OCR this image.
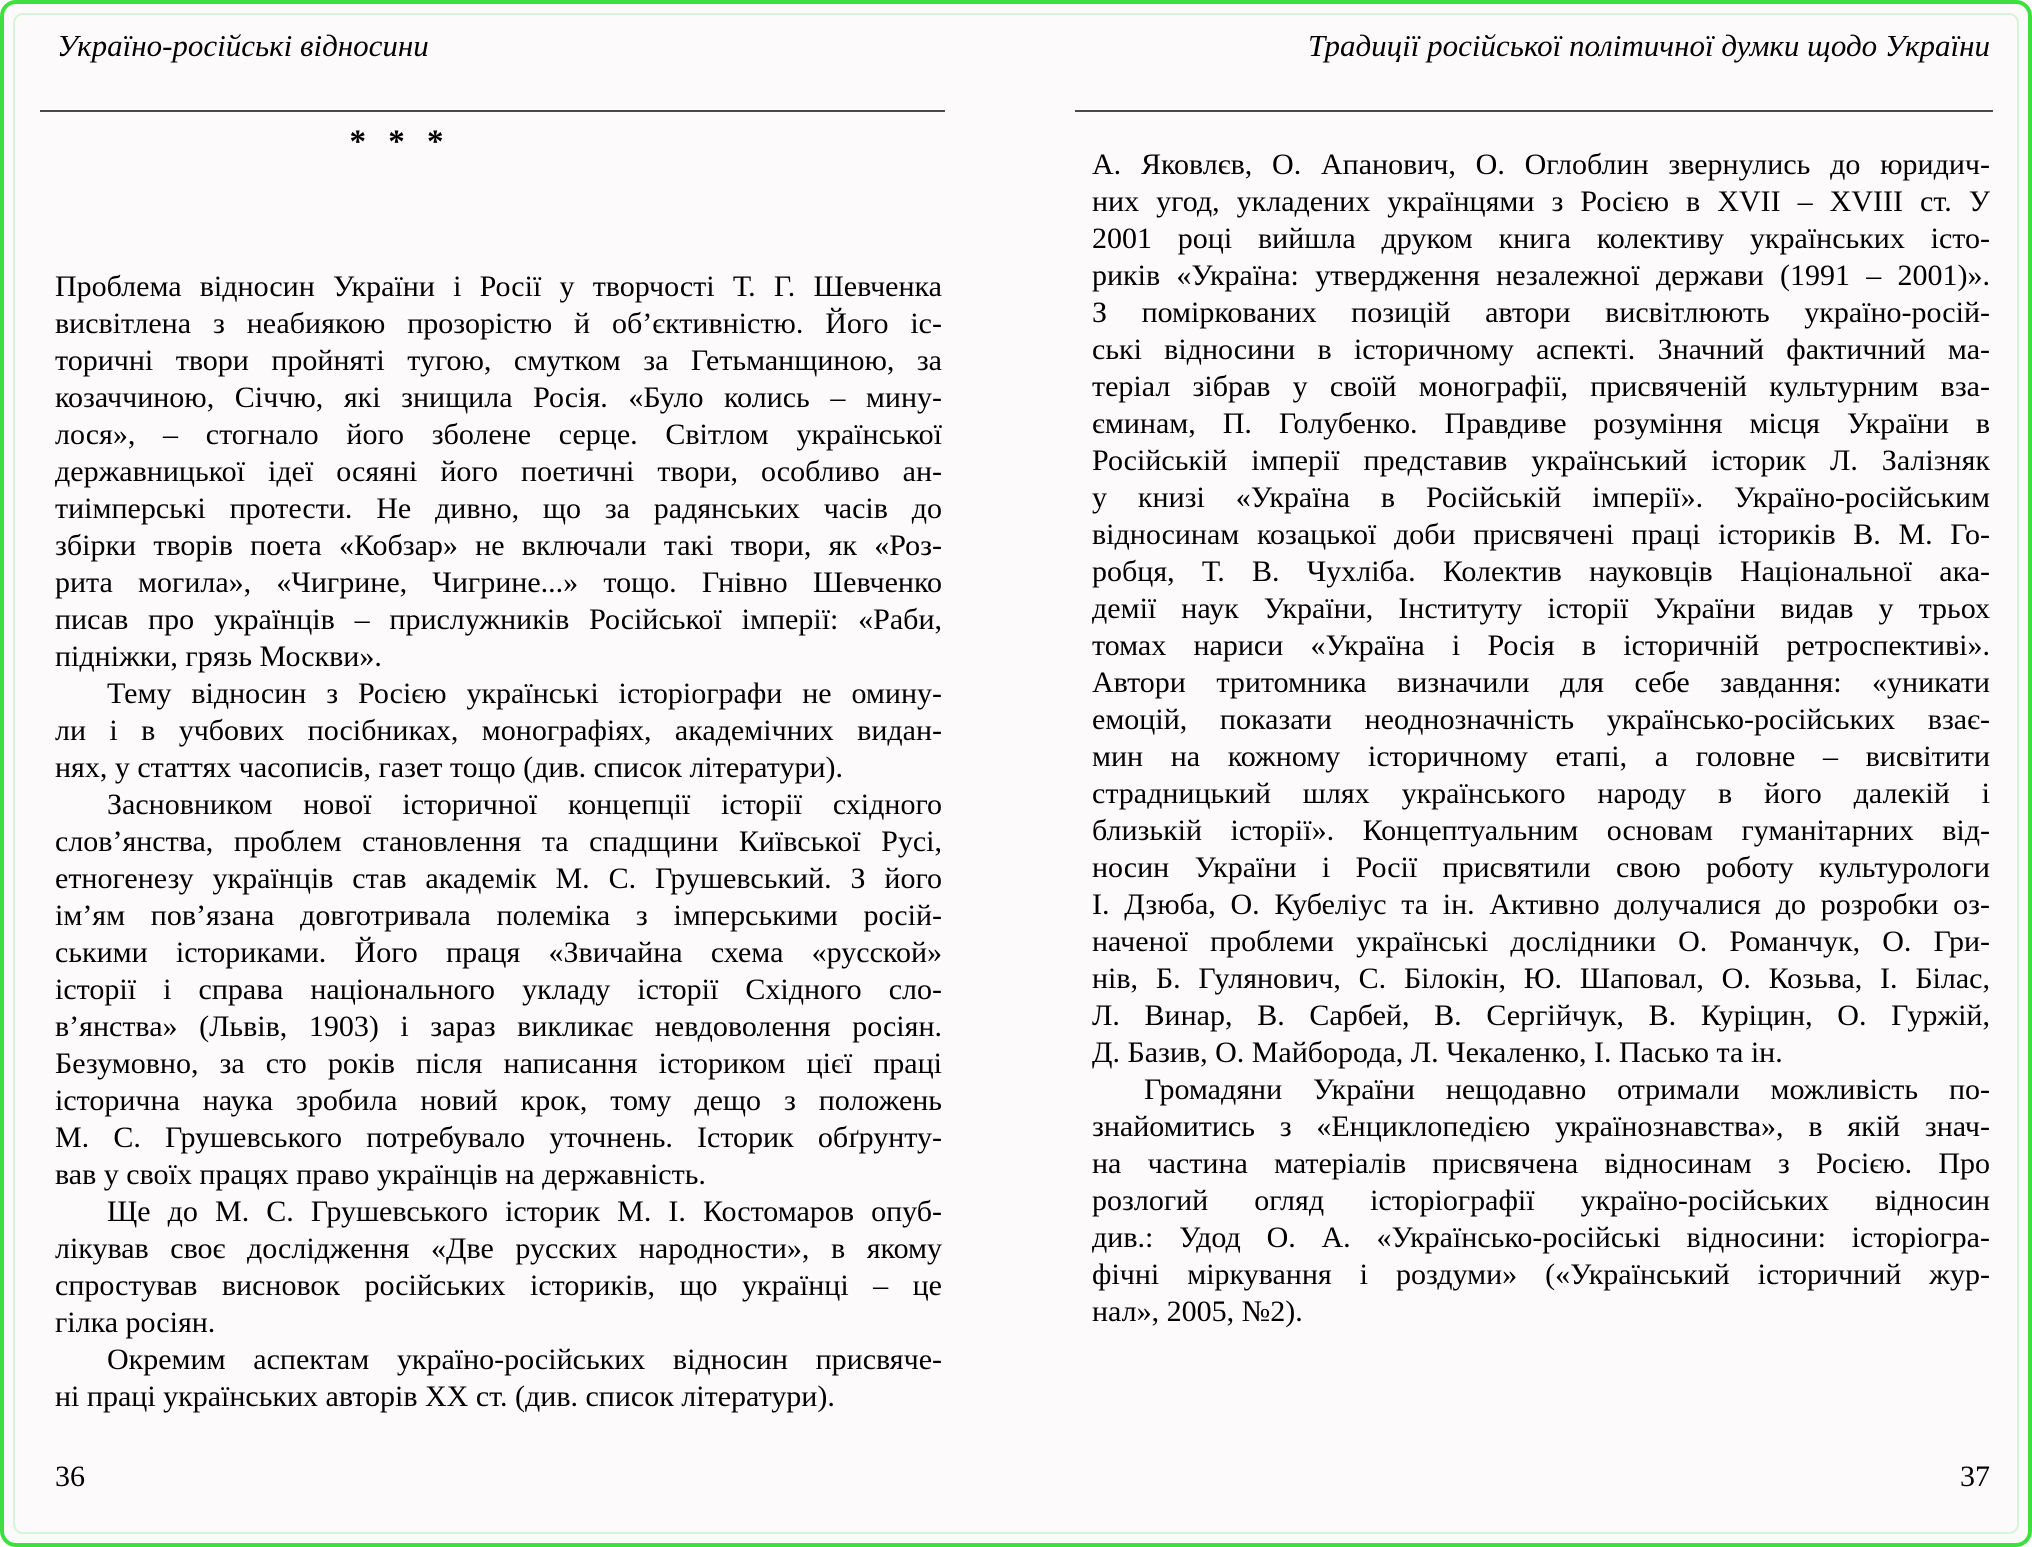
Україно-російські відносини	Традиції російської політичної думки щодо України
* * *
Проблема відносин України і Росії у творчості Т. Г. Шевченка
висвітлена з неабиякою прозорістю й об’єктивністю. Його іс-
торичні твори пройняті тугою, смутком за Гетьманщиною, за
козаччиною, Січчю, які знищила Росія. «Було колись – мину-
лося», – стогнало його зболене серце. Світлом української
державницької ідеї осяяні його поетичні твори, особливо ан-
тиімперські протести. Не дивно, що за радянських часів до
збірки творів поета «Кобзар» не включали такі твори, як «Роз-
рита могила», «Чигрине, Чигрине...» тощо. Гнівно Шевченко
писав про українців – прислужників Російської імперії: «Раби,
підніжки, грязь Москви».
Тему відносин з Росією українські історіографи не омину-
ли і в учбових посібниках, монографіях, академічних видан-
нях, у статтях часописів, газет тощо (див. список літератури).
Засновником нової історичної концепції історії східного
слов’янства, проблем становлення та спадщини Київської Русі,
етногенезу українців став академік М. С. Грушевський. З його
ім’ям пов’язана довготривала полеміка з імперськими росій-
ськими істориками. Його праця «Звичайна схема «русской»
історії і справа національного укладу історії Східного сло-
в’янства» (Львів, 1903) і зараз викликає невдоволення росіян.
Безумовно, за сто років після написання істориком цієї праці
історична наука зробила новий крок, тому дещо з положень
М. С. Грушевського потребувало уточнень. Історик обґрунту-
вав у своїх працях право українців на державність.
Ще до М. С. Грушевського історик М. І. Костомаров опуб-
лікував своє дослідження «Две русских народности», в якому
спростував висновок російських істориків, що українці – це
гілка росіян.
Окремим аспектам україно-російських відносин присвяче-
ні праці українських авторів ХХ ст. (див. список літератури).
А. Яковлєв, О. Апанович, О. Оглоблин звернулись до юридич-
них угод, укладених українцями з Росією в XVII – XVIII ст. У
2001 році вийшла друком книга колективу українських істо-
риків «Україна: утвердження незалежної держави (1991 – 2001)».
З поміркованих позицій автори висвітлюють україно-росій-
ські відносини в історичному аспекті. Значний фактичний ма-
теріал зібрав у своїй монографії, присвяченій культурним вза-
єминам, П. Голубенко. Правдиве розуміння місця України в
Російській імперії представив український історик Л. Залізняк
у книзі «Україна в Російській імперії». Україно-російським
відносинам козацької доби присвячені праці істориків В. М. Го-
робця, Т. В. Чухліба. Колектив науковців Національної ака-
демії наук України, Інституту історії України видав у трьох
томах нариси «Україна і Росія в історичній ретроспективі».
Автори тритомника визначили для себе завдання: «уникати
емоцій, показати неоднозначність українсько-російських взає-
мин на кожному історичному етапі, а головне – висвітити
страдницький шлях українського народу в його далекій і
близькій історії». Концептуальним основам гуманітарних від-
носин України і Росії присвятили свою роботу культурологи
І. Дзюба, О. Кубеліус та ін. Активно долучалися до розробки оз-
наченої проблеми українські дослідники О. Романчук, О. Гри-
нів, Б. Гулянович, С. Білокін, Ю. Шаповал, О. Козьва, І. Білас,
Л. Винар, В. Сарбей, В. Сергійчук, В. Куріцин, О. Гуржій,
Д. Базив, О. Майборода, Л. Чекаленко, І. Пасько та ін.
Громадяни України нещодавно отримали можливість по-
знайомитись з «Енциклопедією українознавства», в якій знач-
на частина матеріалів присвячена відносинам з Росією. Про
розлогий огляд історіографії україно-російських відносин
див.: Удод О. А. «Українсько-російські відносини: історіогра-
фічні міркування і роздуми» («Український історичний жур-
нал», 2005, №2).
36	37
